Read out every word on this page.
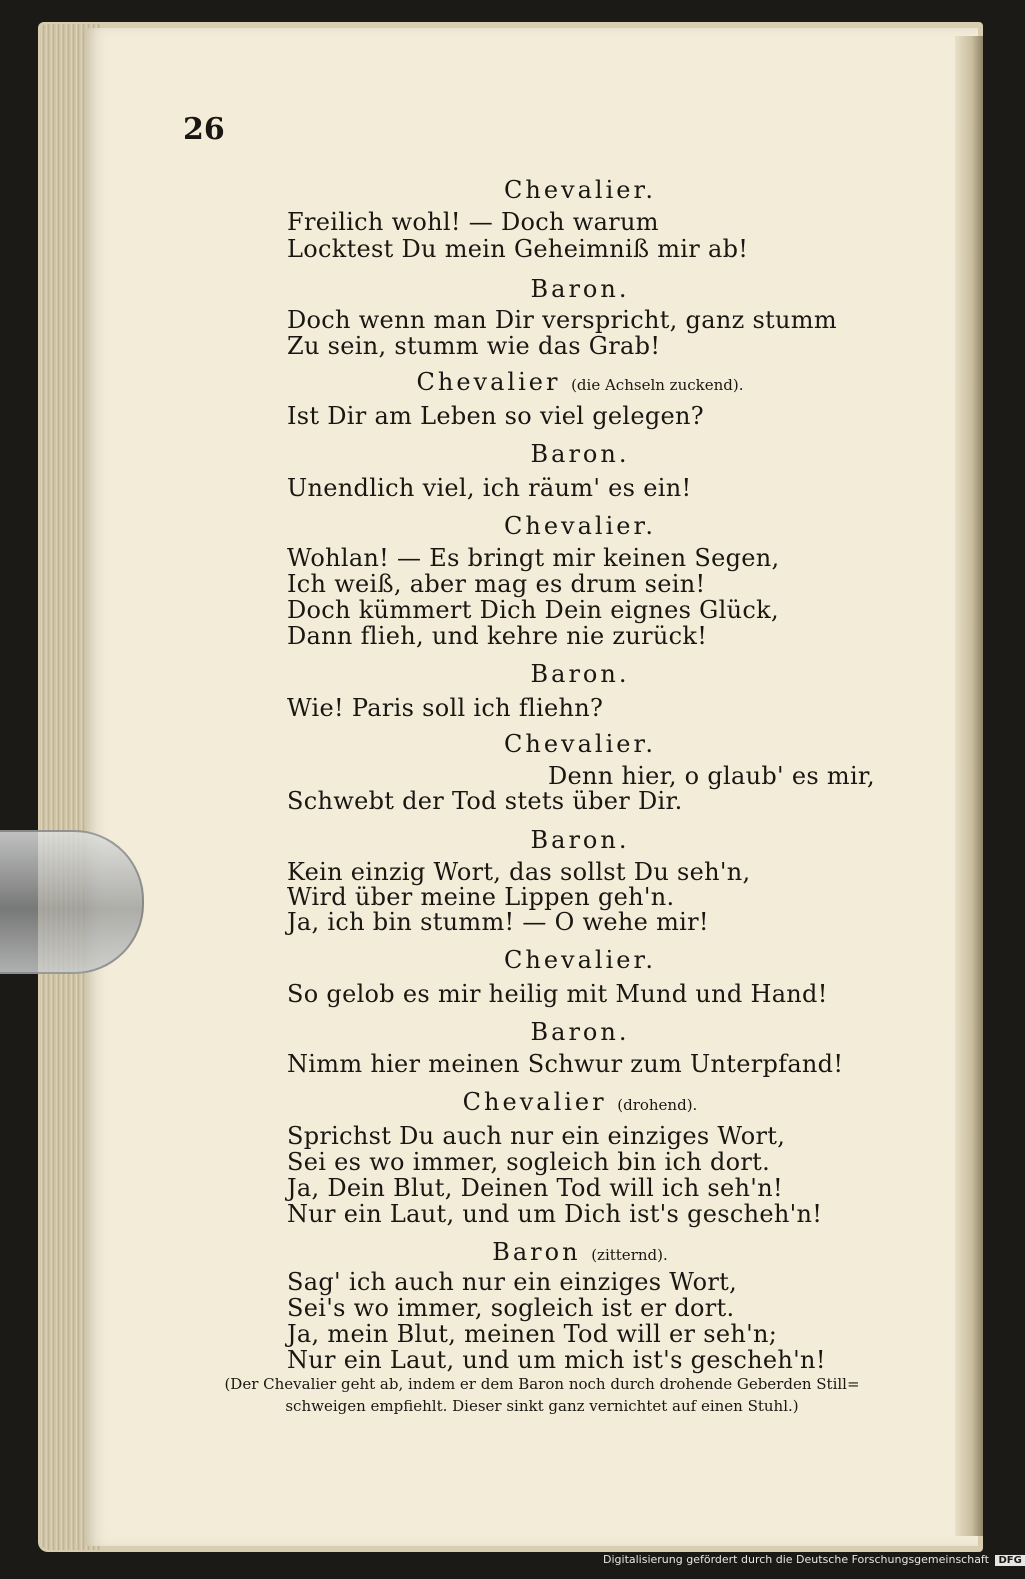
26
Chevalier.
Freilich wohl! — Doch warum
Locktest Du mein Geheimniß mir ab!
Baron.
Doch wenn man Dir verspricht, ganz stumm
Zu sein, stumm wie das Grab!
Chevalier (die Achseln zuckend).
Ist Dir am Leben so viel gelegen?
Baron.
Unendlich viel, ich räum' es ein!
Chevalier.
Wohlan! — Es bringt mir keinen Segen,
Ich weiß, aber mag es drum sein!
Doch kümmert Dich Dein eignes Glück,
Dann flieh, und kehre nie zurück!
Baron.
Wie! Paris soll ich fliehn?
Chevalier.
Denn hier, o glaub' es mir,
Schwebt der Tod stets über Dir.
Baron.
Kein einzig Wort, das sollst Du seh'n,
Wird über meine Lippen geh'n.
Ja, ich bin stumm! — O wehe mir!
Chevalier.
So gelob es mir heilig mit Mund und Hand!
Baron.
Nimm hier meinen Schwur zum Unterpfand!
Chevalier (drohend).
Sprichst Du auch nur ein einziges Wort,
Sei es wo immer, sogleich bin ich dort.
Ja, Dein Blut, Deinen Tod will ich seh'n!
Nur ein Laut, und um Dich ist's gescheh'n!
Baron (zitternd).
Sag' ich auch nur ein einziges Wort,
Sei's wo immer, sogleich ist er dort.
Ja, mein Blut, meinen Tod will er seh'n;
Nur ein Laut, und um mich ist's gescheh'n!
(Der Chevalier geht ab, indem er dem Baron noch durch drohende Geberden Still=
schweigen empfiehlt. Dieser sinkt ganz vernichtet auf einen Stuhl.)
Digitalisierung gefördert durch die Deutsche Forschungsgemeinschaft DFG
